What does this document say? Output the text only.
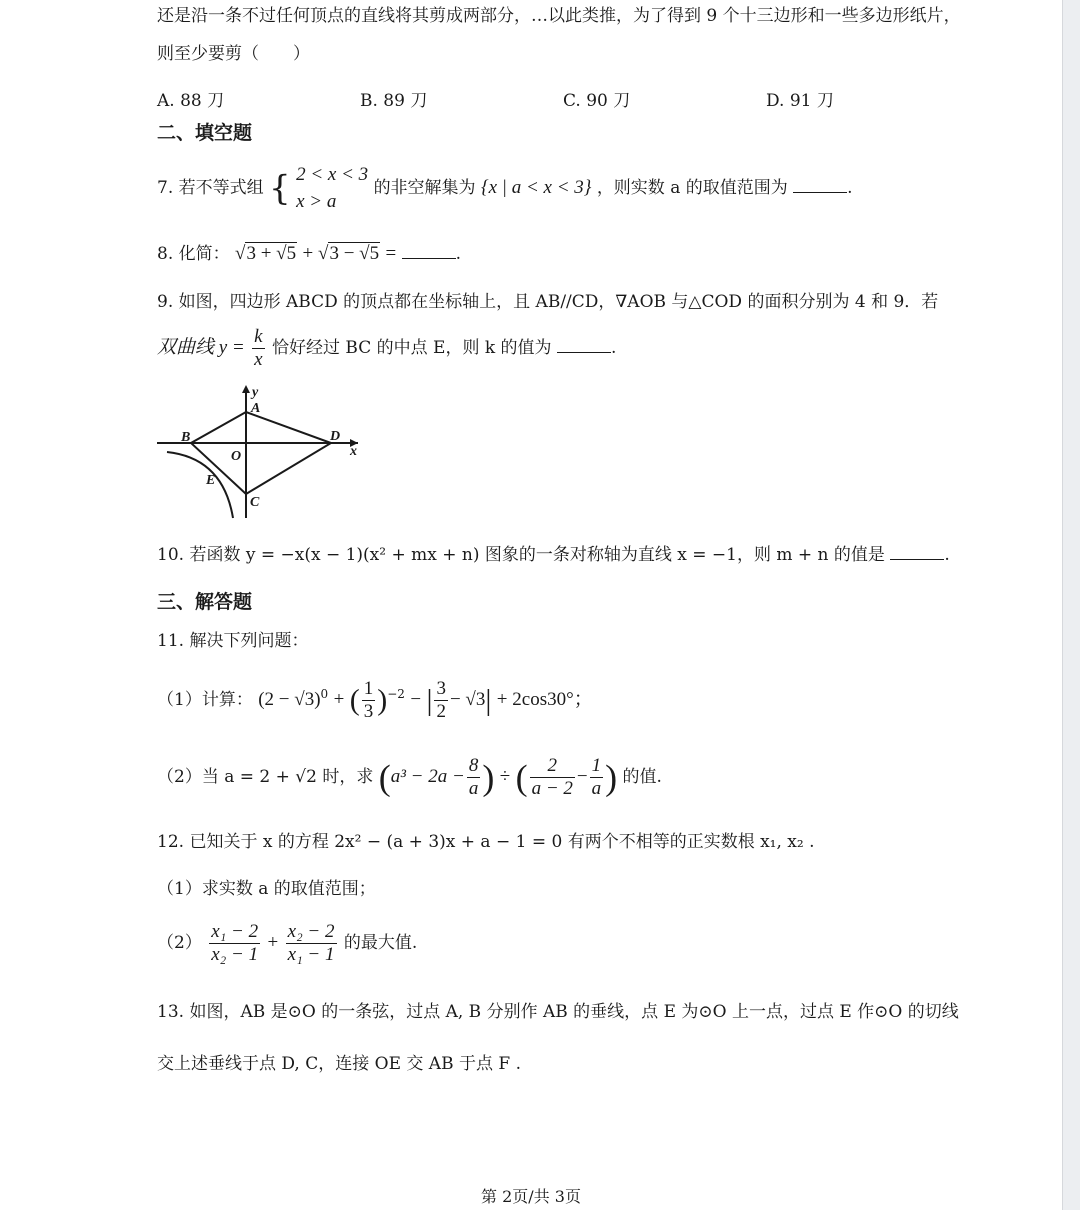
还是沿一条不过任何顶点的直线将其剪成两部分，…以此类推，为了得到 9 个十三边形和一些多边形纸片，
则至少要剪（　　）
A. 88 刀	B. 89 刀	C. 90 刀	D. 91 刀
二、填空题
7. 若不等式组 { 2 < x < 3
x > a
的非空解集为 {x | a < x < 3} ，则实数 a 的取值范围为	.
8. 化简： √3 + √5 + √3 − √5 =	.
9. 如图，四边形 ABCD 的顶点都在坐标轴上，且 AB//CD，∇AOB 与△COD 的面积分别为 4 和 9．若
双曲线 $y = \frac{k}{x}$ 恰好经过 BC 的中点 E，则 k 的值为	.
y
A
B	D
x
O
E
C
10. 若函数 y = −x(x − 1)(x² + mx + n) 图象的一条对称轴为直线 x = −1，则 m + n 的值是	.
三、解答题
11. 解决下列问题：
（1）计算： $(2 - √3)^0$ + ( $\frac{1}{3} )^{-2}$ − | $\frac{3}{2} - √3| + 2\cos 30^\circ$；
（2）当 a = 2 + √2 时，求 ($a^3 - 2a - \frac{8}{a}$ ) ÷ ( $\frac{2}{a - 2} - \frac{1}{a}$ ) 的值.
12. 已知关于 x 的方程 2x² − (a + 3)x + a − 1 = 0 有两个不相等的正实数根 x₁, x₂ .
（1）求实数 a 的取值范围；
$(2) \frac{\text{x₁ − 2}}{\text{x₂ − 1}} + \frac{\text{x₂ − 2}}{\text{x₁ − 1}}$ 的最大值.
13. 如图，AB 是⊙O 的一条弦，过点 A, B 分别作 AB 的垂线，点 E 为⊙O 上一点，过点 E 作⊙O 的切线
交上述垂线于点 D, C，连接 OE 交 AB 于点 F .
第 2页/共 3页
